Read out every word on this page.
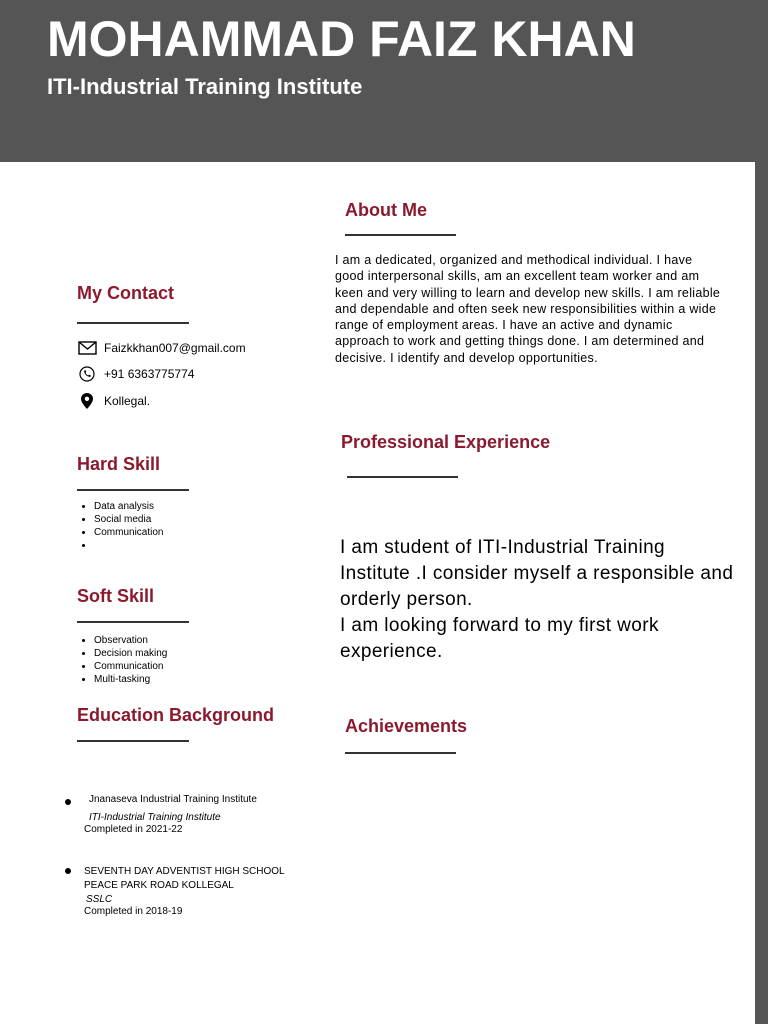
MOHAMMAD FAIZ KHAN
ITI-Industrial Training Institute
My Contact
Faizkkhan007@gmail.com
+91 6363775774
Kollegal.
Hard Skill
• Data analysis
• Social media
• Communication
•
Soft Skill
• Observation
• Decision making
• Communication
• Multi-tasking
Education Background
Jnanaseva Industrial Training Institute
ITI-Industrial Training Institute
Completed in 2021-22
SEVENTH DAY ADVENTIST HIGH SCHOOL
PEACE PARK ROAD KOLLEGAL
SSLC
Completed in 2018-19
About Me
I am a dedicated, organized and methodical individual. I have good interpersonal skills, am an excellent team worker and am keen and very willing to learn and develop new skills. I am reliable and dependable and often seek new responsibilities within a wide range of employment areas. I have an active and dynamic approach to work and getting things done. I am determined and decisive. I identify and develop opportunities.
Professional Experience
I am student of ITI-Industrial Training Institute .I consider myself a responsible and orderly person.
I am looking forward to my first work experience.
Achievements
